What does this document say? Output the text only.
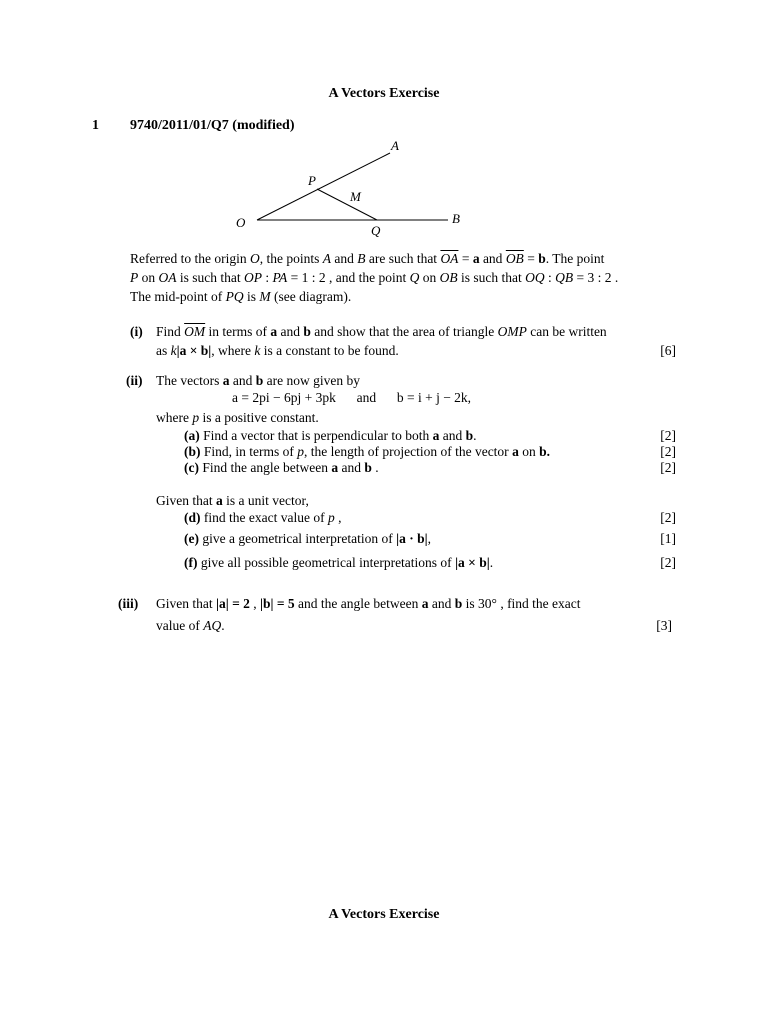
A Vectors Exercise
1 9740/2011/01/Q7 (modified)
A
B
O
P
Q
M
Referred to the origin O, the points A and B are such that $\overline{OA} = a$ and $\overline{OB} = b$. The point
P on OA is such that OP : PA = 1 : 2 , and the point Q on OB is such that OQ : QB = 3 : 2 .
The mid-point of PQ is M (see diagram).
(i) Find $\overline{OM}$ in terms of a and b and show that the area of triangle OMP can be written
as k|a × b|, where k is a constant to be found.	[6]
(ii) The vectors a and b are now given by
a = 2pi − 6pj + 3pk and b = i + j − 2k,
where p is a positive constant.
(a) Find a vector that is perpendicular to both a and b.	[2]
(b) Find, in terms of p, the length of projection of the vector a on b.	[2]
(c) Find the angle between a and b .	[2]
Given that a is a unit vector,
(d) find the exact value of p ,	[2]
(e) give a geometrical interpretation of |a · b|,	[1]
(f) give all possible geometrical interpretations of |a × b|.	[2]
(iii) Given that |a| = 2 , |b| = 5 and the angle between a and b is 30° , find the exact
value of AQ.	[3]
A Vectors Exercise
